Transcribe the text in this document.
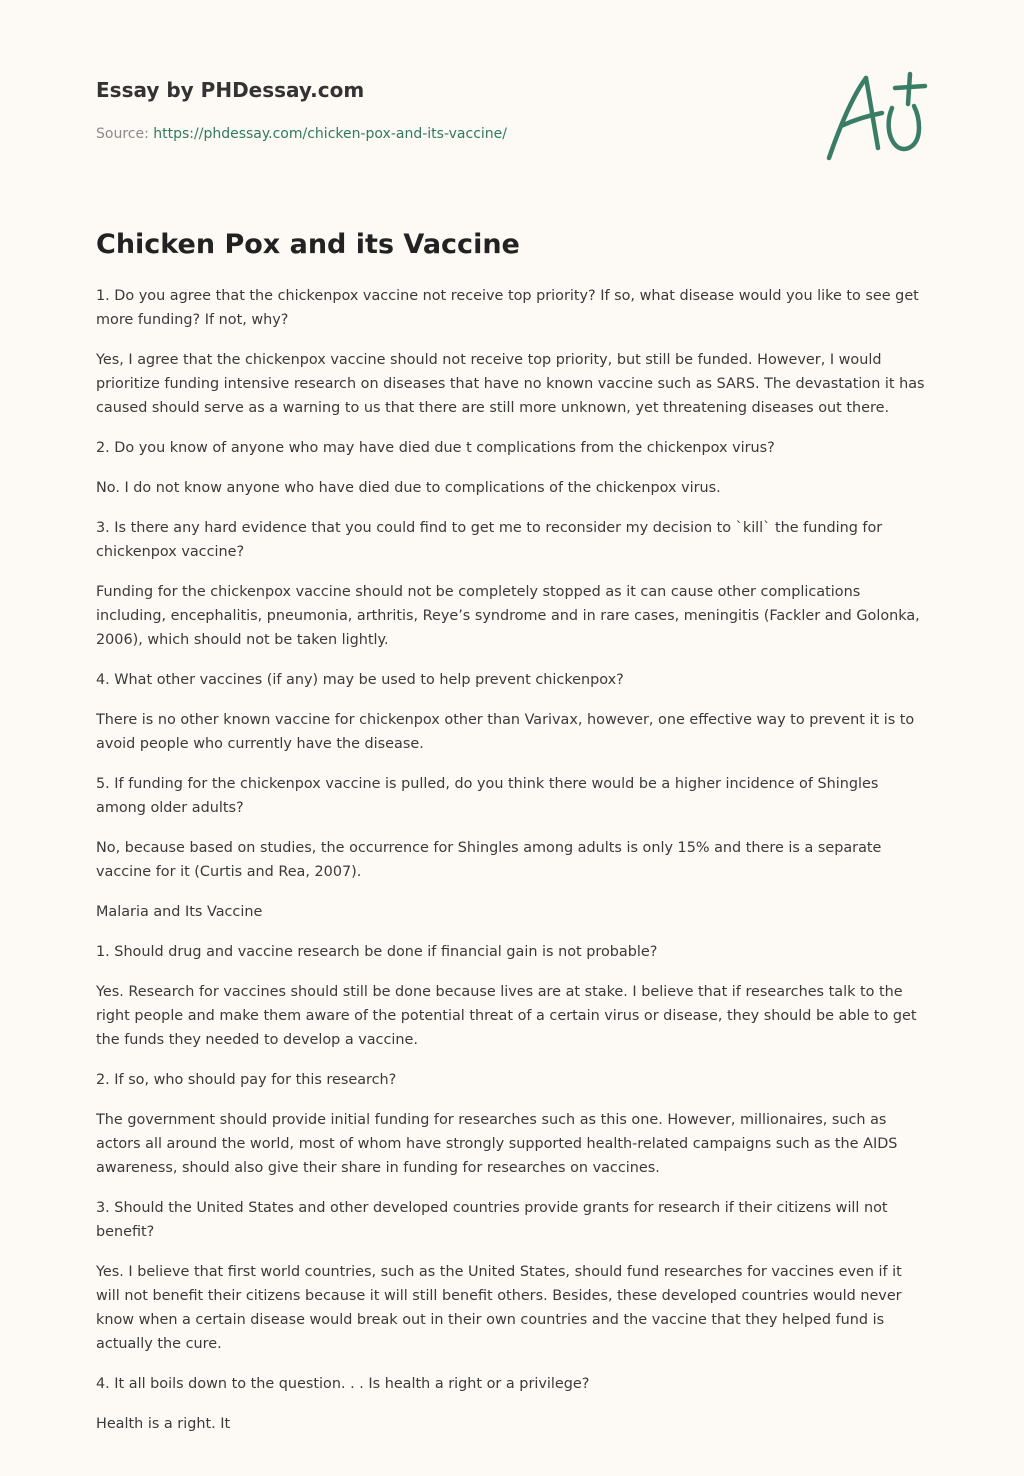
Essay by PHDessay.com

Source: https://phdessay.com/chicken-pox-and-its-vaccine/
Chicken Pox and its Vaccine

1. Do you agree that the chickenpox vaccine not receive top priority? If so, what disease would you like to see get more funding? If not, why?

Yes, I agree that the chickenpox vaccine should not receive top priority, but still be funded. However, I would prioritize funding intensive research on diseases that have no known vaccine such as SARS. The devastation it has caused should serve as a warning to us that there are still more unknown, yet threatening diseases out there.

2. Do you know of anyone who may have died due t complications from the chickenpox virus?

No. I do not know anyone who have died due to complications of the chickenpox virus.

3. Is there any hard evidence that you could find to get me to reconsider my decision to `kill` the funding for chickenpox vaccine?

Funding for the chickenpox vaccine should not be completely stopped as it can cause other complications including, encephalitis, pneumonia, arthritis, Reye’s syndrome and in rare cases, meningitis (Fackler and Golonka, 2006), which should not be taken lightly.

4. What other vaccines (if any) may be used to help prevent chickenpox?

There is no other known vaccine for chickenpox other than Varivax, however, one effective way to prevent it is to avoid people who currently have the disease.

5. If funding for the chickenpox vaccine is pulled, do you think there would be a higher incidence of Shingles among older adults?

No, because based on studies, the occurrence for Shingles among adults is only 15% and there is a separate vaccine for it (Curtis and Rea, 2007).

Malaria and Its Vaccine

1. Should drug and vaccine research be done if financial gain is not probable?

Yes. Research for vaccines should still be done because lives are at stake. I believe that if researches talk to the right people and make them aware of the potential threat of a certain virus or disease, they should be able to get the funds they needed to develop a vaccine.

2. If so, who should pay for this research?

The government should provide initial funding for researches such as this one. However, millionaires, such as actors all around the world, most of whom have strongly supported health-related campaigns such as the AIDS awareness, should also give their share in funding for researches on vaccines.

3. Should the United States and other developed countries provide grants for research if their citizens will not benefit?

Yes. I believe that first world countries, such as the United States, should fund researches for vaccines even if it will not benefit their citizens because it will still benefit others. Besides, these developed countries would never know when a certain disease would break out in their own countries and the vaccine that they helped fund is actually the cure.

4. It all boils down to the question. . . Is health a right or a privilege?

Health is a right. It
